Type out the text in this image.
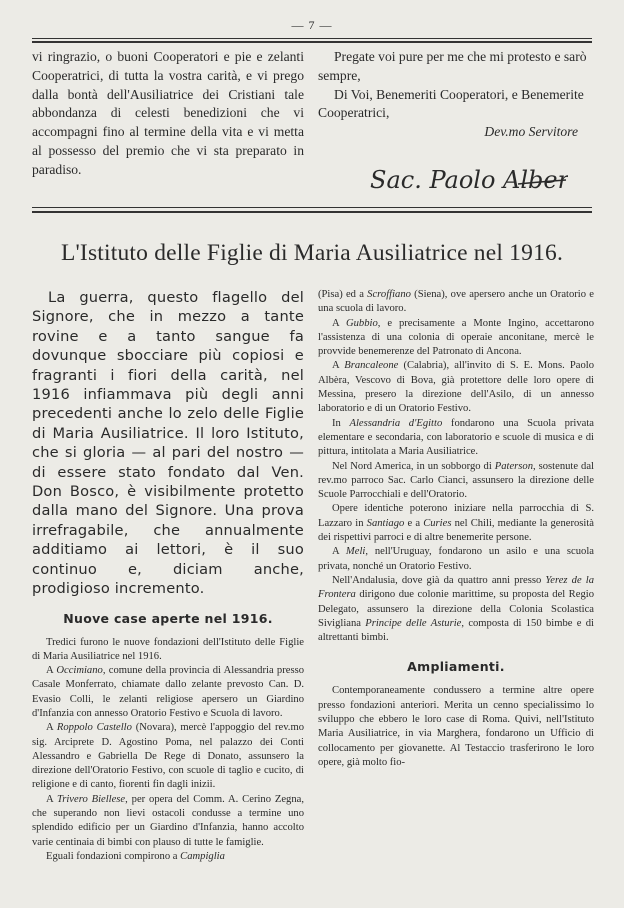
— 7 —
vi ringrazio, o buoni Cooperatori e pie e zelanti Cooperatrici, di tutta la vostra carità, e vi prego dalla bontà dell'Ausiliatrice dei Cristiani tale abbondanza di celesti benedizioni che vi accompagni fino al termine della vita e vi metta al possesso del premio che vi sta preparato in paradiso.

Pregate voi pure per me che mi protesto e sarò sempre,

Di Voi, Benemeriti Cooperatori, e Benemerite Cooperatrici,

Dev.mo Servitore

Sac. Paolo Albera
L'Istituto delle Figlie di Maria Ausiliatrice nel 1916.

La guerra, questo flagello del Signore, che in mezzo a tante rovine e a tanto sangue fa dovunque sbocciare più copiosi e fragranti i fiori della carità, nel 1916 infiammava più degli anni precedenti anche lo zelo delle Figlie di Maria Ausiliatrice. Il loro Istituto, che si gloria — al pari del nostro — di essere stato fondato dal Ven. Don Bosco, è visibilmente protetto dalla mano del Signore. Una prova irrefragabile, che annualmente additiamo ai lettori, è il suo continuo e, diciam anche, prodigioso incremento.

Nuove case aperte nel 1916.

Tredici furono le nuove fondazioni dell'Istituto delle Figlie di Maria Ausiliatrice nel 1916.

A Occimiano, comune della provincia di Alessandria presso Casale Monferrato, chiamate dallo zelante prevosto Can. D. Evasio Colli, le zelanti religiose apersero un Giardino d'Infanzia con annesso Oratorio Festivo e Scuola di lavoro.

A Roppolo Castello (Novara), mercè l'appoggio del rev.mo sig. Arciprete D. Agostino Poma, nel palazzo dei Conti Alessandro e Gabriella De Rege di Donato, assunsero la direzione dell'Oratorio Festivo, con scuole di taglio e cucito, di religione e di canto, fiorenti fin dagli inizii.

A Trivero Biellese, per opera del Comm. A. Cerino Zegna, che superando non lievi ostacoli condusse a termine uno splendido edificio per un Giardino d'Infanzia, hanno accolto varie centinaia di bimbi con plauso di tutte le famiglie.

Eguali fondazioni compirono a Campiglia

(Pisa) ed a Scroffiano (Siena), ove apersero anche un Oratorio e una scuola di lavoro.

A Gubbio, e precisamente a Monte Ingino, accettarono l'assistenza di una colonia di operaie anconitane, mercè le provvide benemerenze del Patronato di Ancona.

A Brancaleone (Calabria), all'invito di S. E. Mons. Paolo Albèra, Vescovo di Bova, già protettore delle loro opere di Messina, presero la direzione dell'Asilo, di un annesso laboratorio e di un Oratorio Festivo.

In Alessandria d'Egitto fondarono una Scuola privata elementare e secondaria, con laboratorio e scuole di musica e di pittura, intitolata a Maria Ausiliatrice.

Nel Nord America, in un sobborgo di Paterson, sostenute dal rev.mo parroco Sac. Carlo Cianci, assunsero la direzione delle Scuole Parrocchiali e dell'Oratorio.

Opere identiche poterono iniziare nella parrocchia di S. Lazzaro in Santiago e a Curies nel Chili, mediante la generosità dei rispettivi parroci e di altre benemerite persone.

A Meli, nell'Uruguay, fondarono un asilo e una scuola privata, nonché un Oratorio Festivo.

Nell'Andalusia, dove già da quattro anni presso Yerez de la Frontera dirigono due colonie marittime, su proposta del Regio Delegato, assunsero la direzione della Colonia Scolastica Sivigliana Principe delle Asturie, composta di 150 bimbe e di altrettanti bimbi.

Ampliamenti.

Contemporaneamente condussero a termine altre opere presso fondazioni anteriori. Merita un cenno specialissimo lo sviluppo che ebbero le loro case di Roma. Quivi, nell'Istituto Maria Ausiliatrice, in via Marghera, fondarono un Ufficio di collocamento per giovanette. Al Testaccio trasferirono le loro opere, già molto fio-
